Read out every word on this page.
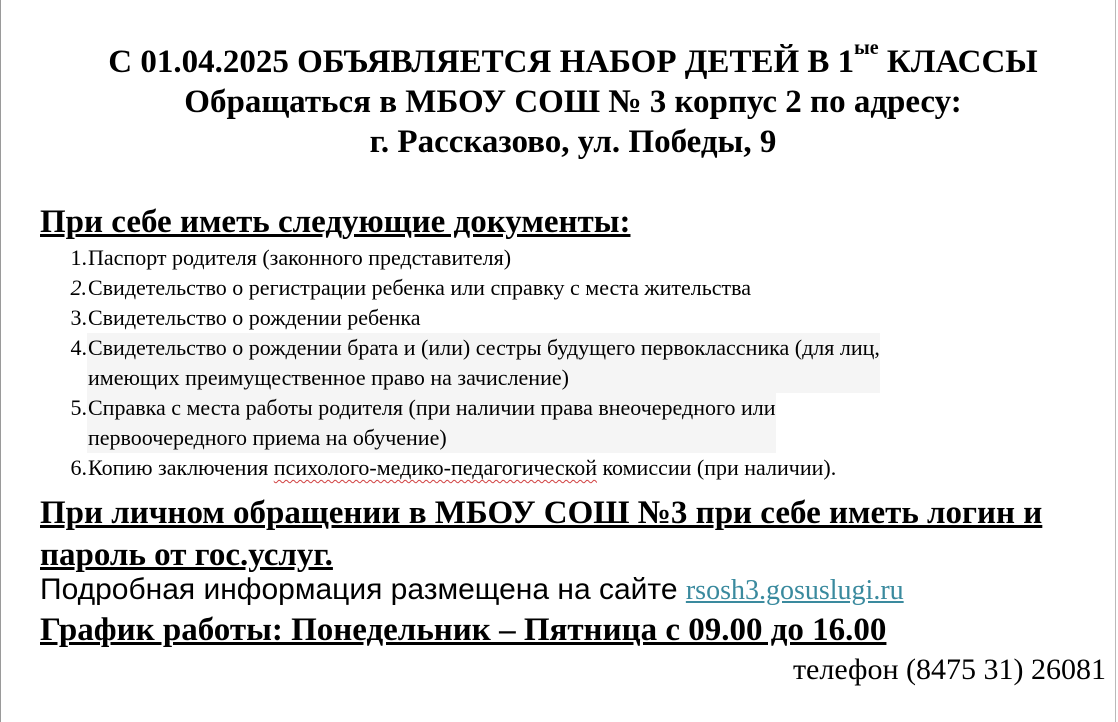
С 01.04.2025 ОБЪЯВЛЯЕТСЯ НАБОР ДЕТЕЙ В $1^{ые}$ КЛАССЫ
Обращаться в МБОУ СОШ № 3 корпус 2 по адресу:
г. Рассказово, ул. Победы, 9
При себе иметь следующие документы:
1. Паспорт родителя (законного представителя)
2. Свидетельство о регистрации ребенка или справку с места жительства
3. Свидетельство о рождении ребенка
4. Свидетельство о рождении брата и (или) сестры будущего первоклассника (для лиц,
имеющих преимущественное право на зачисление)
5. Справка с места работы родителя (при наличии права внеочередного или
первоочередного приема на обучение)
6. Копию заключения психолого-медико-педагогической комиссии (при наличии).
При личном обращении в МБОУ СОШ №3 при себе иметь логин и пароль от гос.услуг.
Подробная информация размещена на сайте rsosh3.gosuslugi.ru
График работы: Понедельник – Пятница с 09.00 до 16.00
телефон (8475 31) 26081
